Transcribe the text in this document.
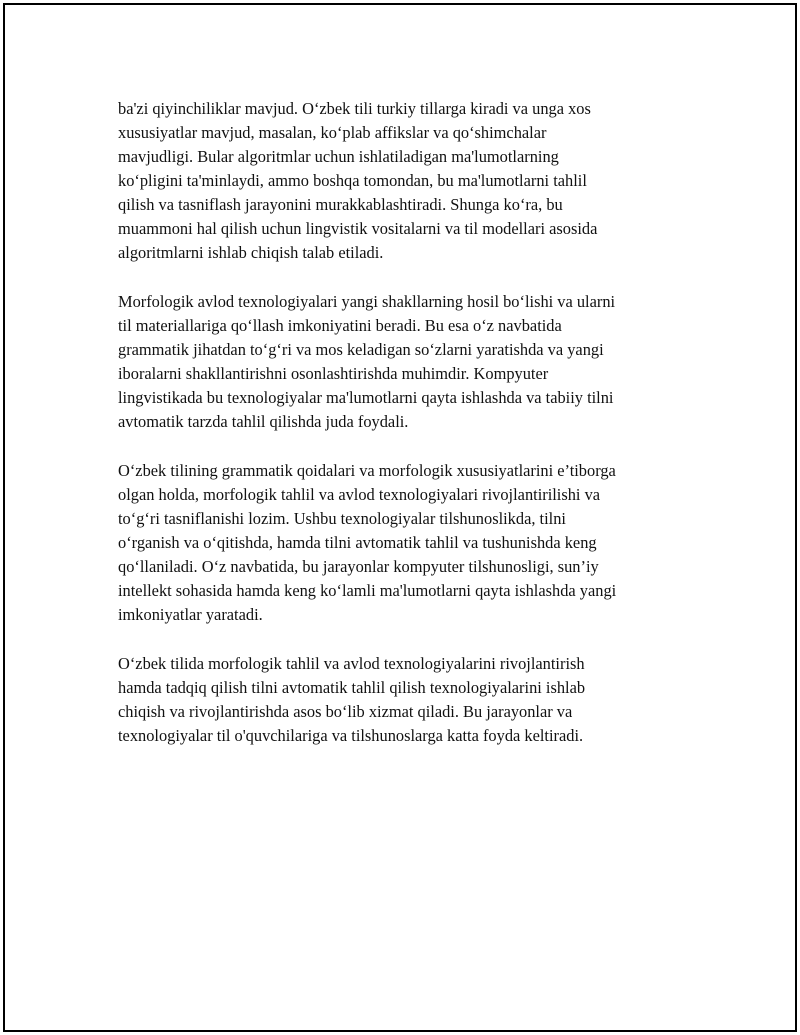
ba'zi qiyinchiliklar mavjud. O‘zbek tili turkiy tillarga kiradi va unga xos
xususiyatlar mavjud, masalan, ko‘plab affikslar va qo‘shimchalar
mavjudligi. Bular algoritmlar uchun ishlatiladigan ma'lumotlarning
ko‘pligini ta'minlaydi, ammo boshqa tomondan, bu ma'lumotlarni tahlil
qilish va tasniflash jarayonini murakkablashtiradi. Shunga ko‘ra, bu
muammoni hal qilish uchun lingvistik vositalarni va til modellari asosida
algoritmlarni ishlab chiqish talab etiladi.

Morfologik avlod texnologiyalari yangi shakllarning hosil bo‘lishi va ularni
til materiallariga qo‘llash imkoniyatini beradi. Bu esa o‘z navbatida
grammatik jihatdan to‘g‘ri va mos keladigan so‘zlarni yaratishda va yangi
iboralarni shakllantirishni osonlashtirishda muhimdir. Kompyuter
lingvistikada bu texnologiyalar ma'lumotlarni qayta ishlashda va tabiiy tilni
avtomatik tarzda tahlil qilishda juda foydali.

O‘zbek tilining grammatik qoidalari va morfologik xususiyatlarini e’tiborga
olgan holda, morfologik tahlil va avlod texnologiyalari rivojlantirilishi va
to‘g‘ri tasniflanishi lozim. Ushbu texnologiyalar tilshunoslikda, tilni
o‘rganish va o‘qitishda, hamda tilni avtomatik tahlil va tushunishda keng
qo‘llaniladi. O‘z navbatida, bu jarayonlar kompyuter tilshunosligi, sun’iy
intellekt sohasida hamda keng ko‘lamli ma'lumotlarni qayta ishlashda yangi
imkoniyatlar yaratadi.

O‘zbek tilida morfologik tahlil va avlod texnologiyalarini rivojlantirish
hamda tadqiq qilish tilni avtomatik tahlil qilish texnologiyalarini ishlab
chiqish va rivojlantirishda asos bo‘lib xizmat qiladi. Bu jarayonlar va
texnologiyalar til o'quvchilariga va tilshunoslarga katta foyda keltiradi.
